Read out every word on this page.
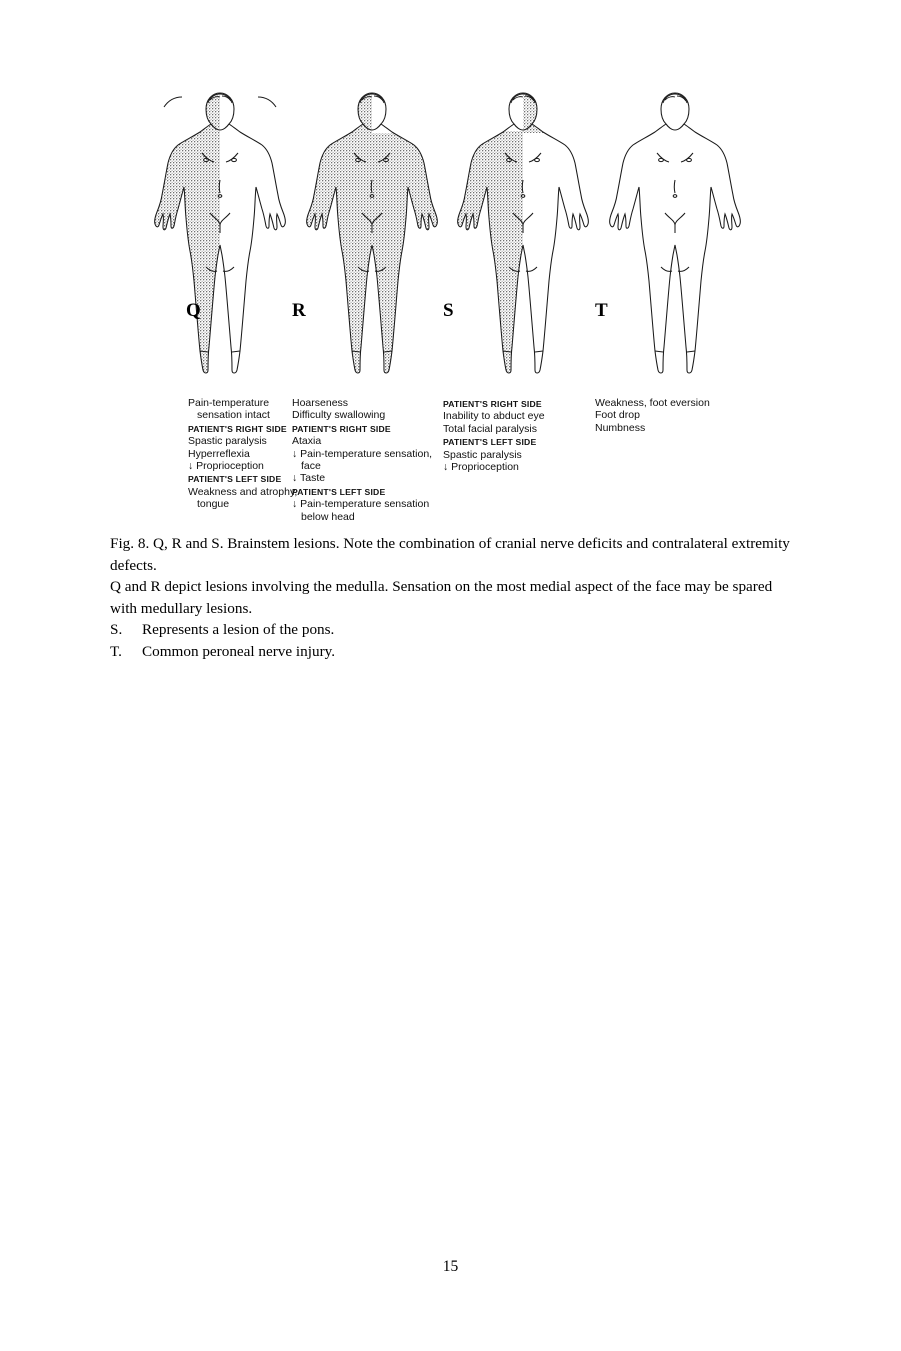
Q
Pain-temperature
sensation intact
PATIENT'S RIGHT SIDE
Spastic paralysis
Hyperreflexia
↓ Proprioception
PATIENT'S LEFT SIDE
Weakness and atrophy,
tongue
R
Hoarseness
Difficulty swallowing
PATIENT'S RIGHT SIDE
Ataxia
↓ Pain-temperature sensation,
face
↓ Taste
PATIENT'S LEFT SIDE
↓ Pain-temperature sensation
below head
S
PATIENT'S RIGHT SIDE
Inability to abduct eye
Total facial paralysis
PATIENT'S LEFT SIDE
Spastic paralysis
↓ Proprioception
T
Weakness, foot eversion
Foot drop
Numbness

Fig. 8. Q, R and S. Brainstem lesions. Note the combination of cranial nerve deficits and contralateral extremity defects.

Q and R depict lesions involving the medulla. Sensation on the most medial aspect of the face may be spared with medullary lesions.

S. Represents a lesion of the pons.

T. Common peroneal nerve injury.

15
